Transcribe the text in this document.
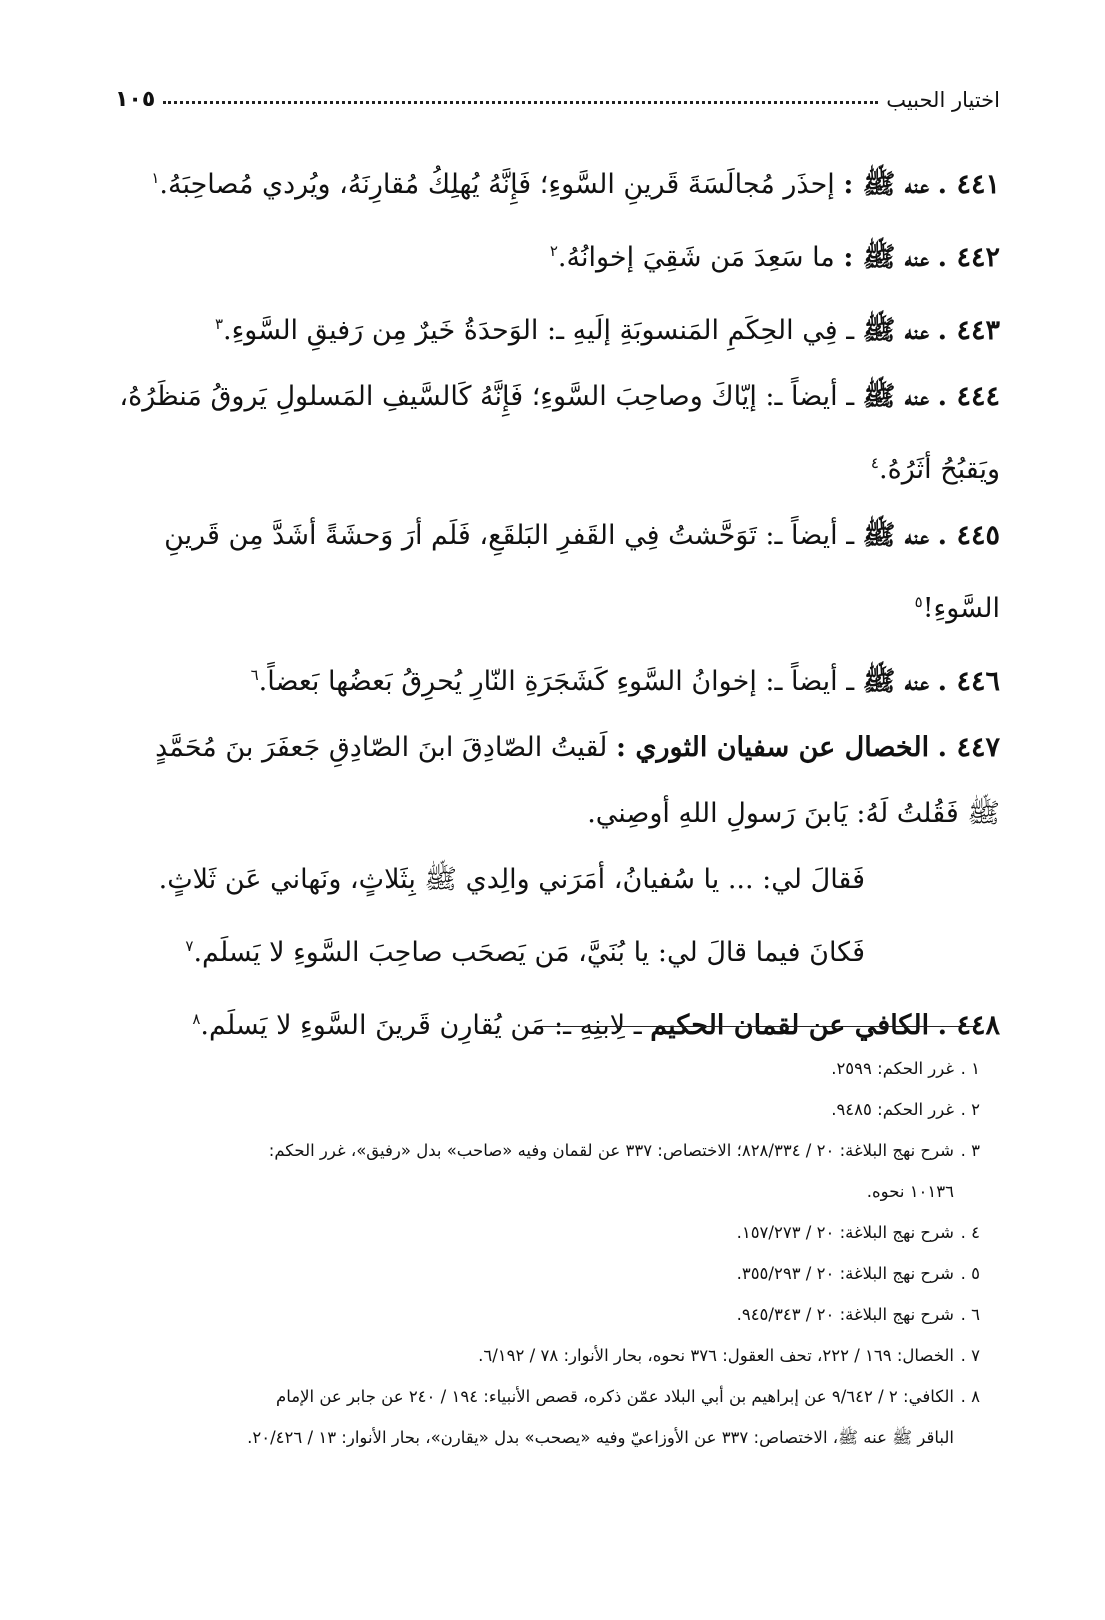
اختيار الحبيب
١٠٥

٤٤١ . عنه ﷺ : إحذَر مُجالَسَةَ قَرينِ السَّوءِ؛ فَإِنَّهُ يُهلِكُ مُقارِنَهُ، ويُردي مُصاحِبَهُ.$^١$

٤٤٢ . عنه ﷺ : ما سَعِدَ مَن شَقِيَ إخوانُهُ.$^٢$

٤٤٣ . عنه ﷺ ـ فِي الحِكَمِ المَنسوبَةِ إلَيهِ ـ: الوَحدَةُ خَيرٌ مِن رَفيقِ السَّوءِ.$^٣$

٤٤٤ . عنه ﷺ ـ أيضاً ـ: إيّاكَ وصاحِبَ السَّوءِ؛ فَإِنَّهُ كَالسَّيفِ المَسلولِ يَروقُ مَنظَرُهُ، ويَقبُحُ أثَرُهُ.$^٤$

٤٤٥ . عنه ﷺ ـ أيضاً ـ: تَوَحَّشتُ فِي القَفرِ البَلقَعِ، فَلَم أرَ وَحشَةً أشَدَّ مِن قَرينِ السَّوءِ!$^٥$

٤٤٦ . عنه ﷺ ـ أيضاً ـ: إخوانُ السَّوءِ كَشَجَرَةِ النّارِ يُحرِقُ بَعضُها بَعضاً.$^٦$

٤٤٧ . الخصال عن سفيان الثوري : لَقيتُ الصّادِقَ ابنَ الصّادِقِ جَعفَرَ بنَ مُحَمَّدٍ ﷺ فَقُلتُ لَهُ: يَابنَ رَسولِ اللهِ أوصِني.

فَقالَ لي: ... يا سُفيانُ، أمَرَني والِدي ﷺ بِثَلاثٍ، ونَهاني عَن ثَلاثٍ.

فَكانَ فيما قالَ لي: يا بُنَيَّ، مَن يَصحَب صاحِبَ السَّوءِ لا يَسلَم.$^٧$

٤٤٨ . الكافي عن لقمان الحكيم ـ لِابنِهِ ـ: مَن يُقارِن قَرينَ السَّوءِ لا يَسلَم.$^٨$

١ .غرر الحكم: ٢٥٩٩.

٢ .غرر الحكم: ٩٤٨٥.

٣ .شرح نهج البلاغة: ٢٠ / ٨٢٨/٣٣٤؛ الاختصاص: ٣٣٧ عن لقمان وفيه «صاحب» بدل «رفيق»، غرر الحكم:
١٠١٣٦ نحوه.

٤ .شرح نهج البلاغة: ٢٠ / ١٥٧/٢٧٣.

٥ .شرح نهج البلاغة: ٢٠ / ٣٥٥/٢٩٣.

٦ .شرح نهج البلاغة: ٢٠ / ٩٤٥/٣٤٣.

٧ .الخصال: ١٦٩ / ٢٢٢، تحف العقول: ٣٧٦ نحوه، بحار الأنوار: ٧٨ / ٦/١٩٢.

٨ .الكافي: ٢ / ٩/٦٤٢ عن إبراهيم بن أبي البلاد عمّن ذكره، قصص الأنبياء: ١٩٤ / ٢٤٠ عن جابر عن الإمام
الباقر ﷺ عنه ﷺ، الاختصاص: ٣٣٧ عن الأوزاعيّ وفيه «يصحب» بدل «يقارن»، بحار الأنوار: ١٣ / ٢٠/٤٢٦.
